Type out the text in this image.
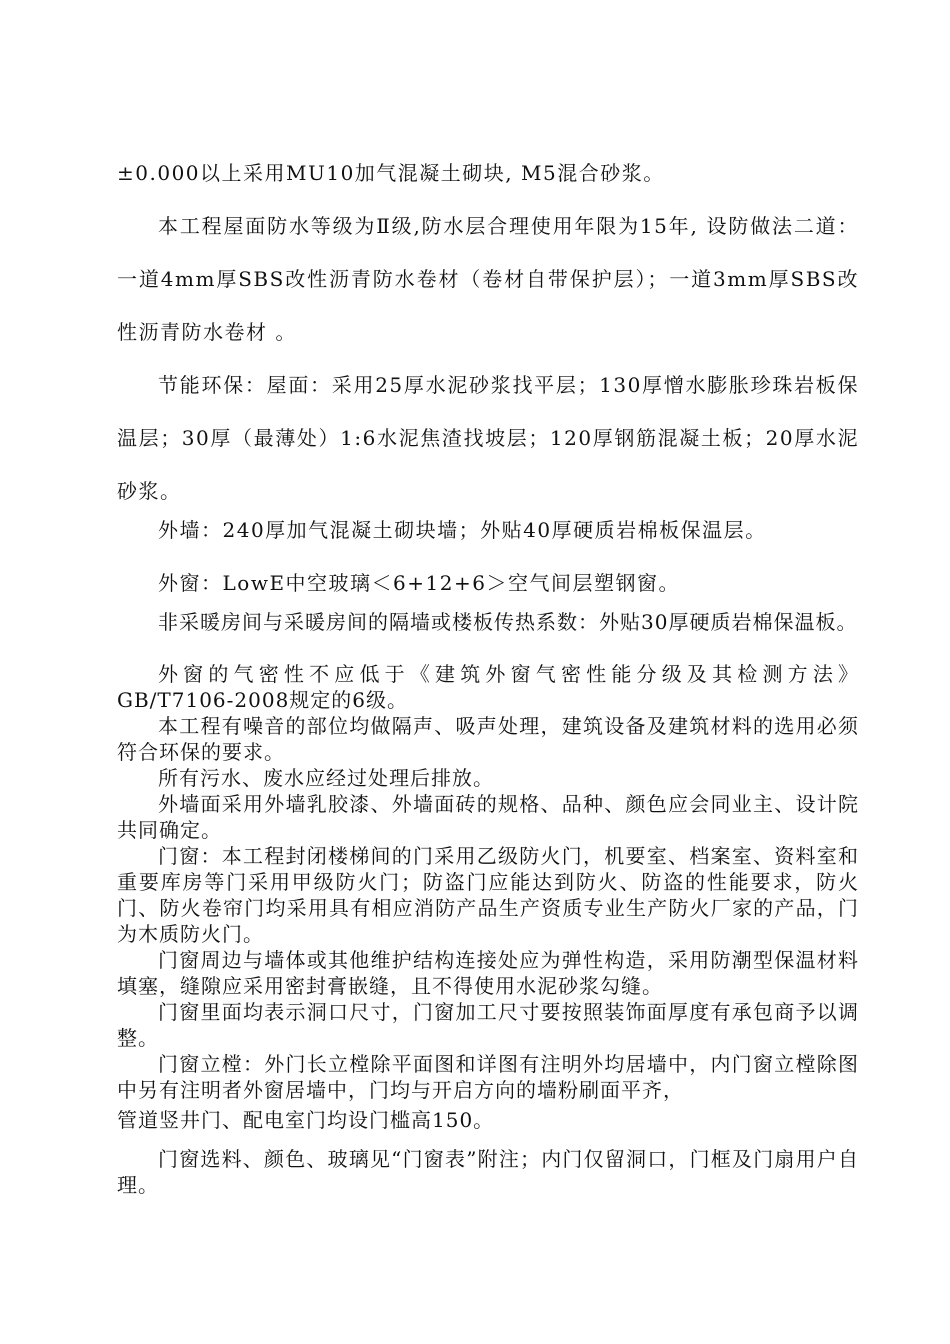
±0.000以上采用MU10加气混凝土砌块, M5混合砂浆。

本工程屋面防水等级为Ⅱ级,防水层合理使用年限为15年, 设防做法二道：一道4mm厚SBS改性沥青防水卷材（卷材自带保护层）；一道3mm厚SBS改性沥青防水卷材 。

节能环保：屋面：采用25厚水泥砂浆找平层；130厚憎水膨胀珍珠岩板保温层；30厚（最薄处）1:6水泥焦渣找坡层；120厚钢筋混凝土板；20厚水泥砂浆。

外墙：240厚加气混凝土砌块墙；外贴40厚硬质岩棉板保温层。

外窗：LowE中空玻璃＜6+12+6＞空气间层塑钢窗。

非采暖房间与采暖房间的隔墙或楼板传热系数：外贴30厚硬质岩棉保温板。

外窗的气密性不应低于《建筑外窗气密性能分级及其检测方法》GB/T7106-2008规定的6级。

本工程有噪音的部位均做隔声、吸声处理，建筑设备及建筑材料的选用必须符合环保的要求。

所有污水、废水应经过处理后排放。

外墙面采用外墙乳胶漆、外墙面砖的规格、品种、颜色应会同业主、设计院共同确定。

门窗：本工程封闭楼梯间的门采用乙级防火门，机要室、档案室、资料室和重要库房等门采用甲级防火门；防盗门应能达到防火、防盗的性能要求，防火门、防火卷帘门均采用具有相应消防产品生产资质专业生产防火厂家的产品，门为木质防火门。

门窗周边与墙体或其他维护结构连接处应为弹性构造，采用防潮型保温材料填塞，缝隙应采用密封膏嵌缝，且不得使用水泥砂浆勾缝。

门窗里面均表示洞口尺寸，门窗加工尺寸要按照装饰面厚度有承包商予以调整。

门窗立樘：外门长立樘除平面图和详图有注明外均居墙中，内门窗立樘除图中另有注明者外窗居墙中，门均与开启方向的墙粉刷面平齐，

管道竖井门、配电室门均设门槛高150。

门窗选料、颜色、玻璃见“门窗表”附注；内门仅留洞口，门框及门扇用户自理。
